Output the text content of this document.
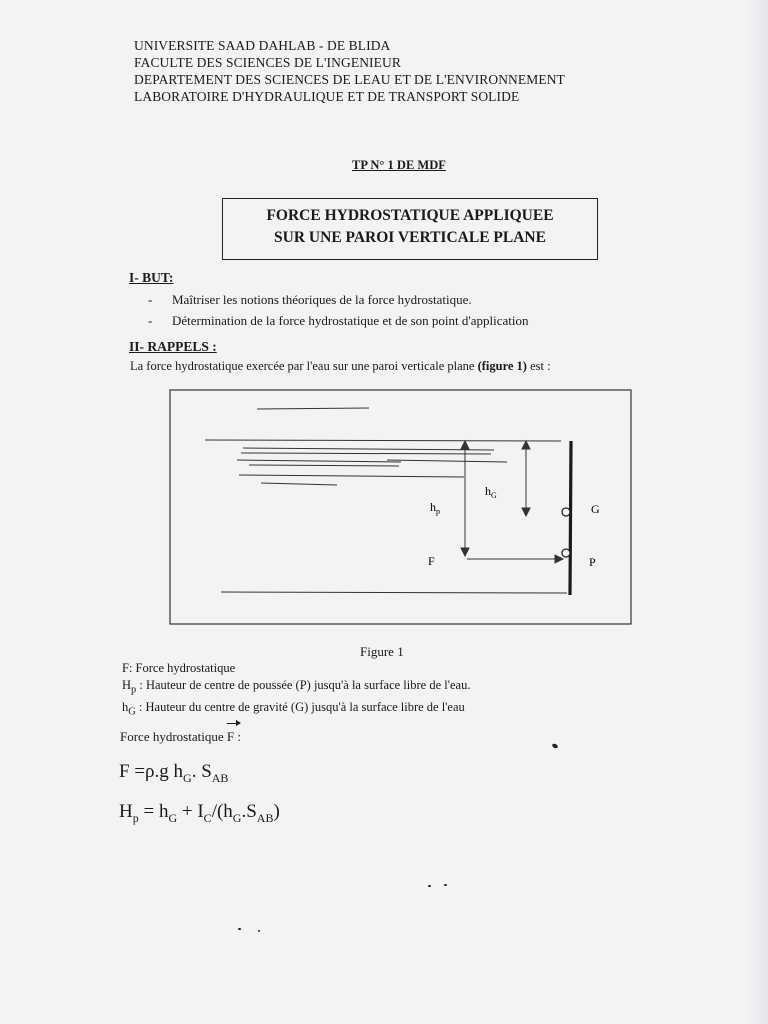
UNIVERSITE SAAD DAHLAB - DE BLIDA
FACULTE DES SCIENCES DE L'INGENIEUR
DEPARTEMENT DES SCIENCES DE LEAU ET DE L'ENVIRONNEMENT
LABORATOIRE D'HYDRAULIQUE ET DE TRANSPORT SOLIDE
TP N° 1 DE MDF
FORCE HYDROSTATIQUE APPLIQUEE
SUR UNE PAROI VERTICALE PLANE
I- BUT:
- Maîtriser les notions théoriques de la force hydrostatique.
- Détermination de la force hydrostatique et de son point d'application
II- RAPPELS :
La force hydrostatique exercée par l'eau sur une paroi verticale plane (figure 1) est :
$h_G$
$h_p$	G
F	P
Figure 1
F: Force hydrostatique
$H_p$ : Hauteur de centre de poussée (P) jusqu'à la surface libre de l'eau.
$h_G$ : Hauteur du centre de gravité (G) jusqu'à la surface libre de l'eau
Force hydrostatique F :
F =ρ.g $h_G$. $S_{AB}$
$H_p = h_G + I_C/(h_G.S_{AB})$
